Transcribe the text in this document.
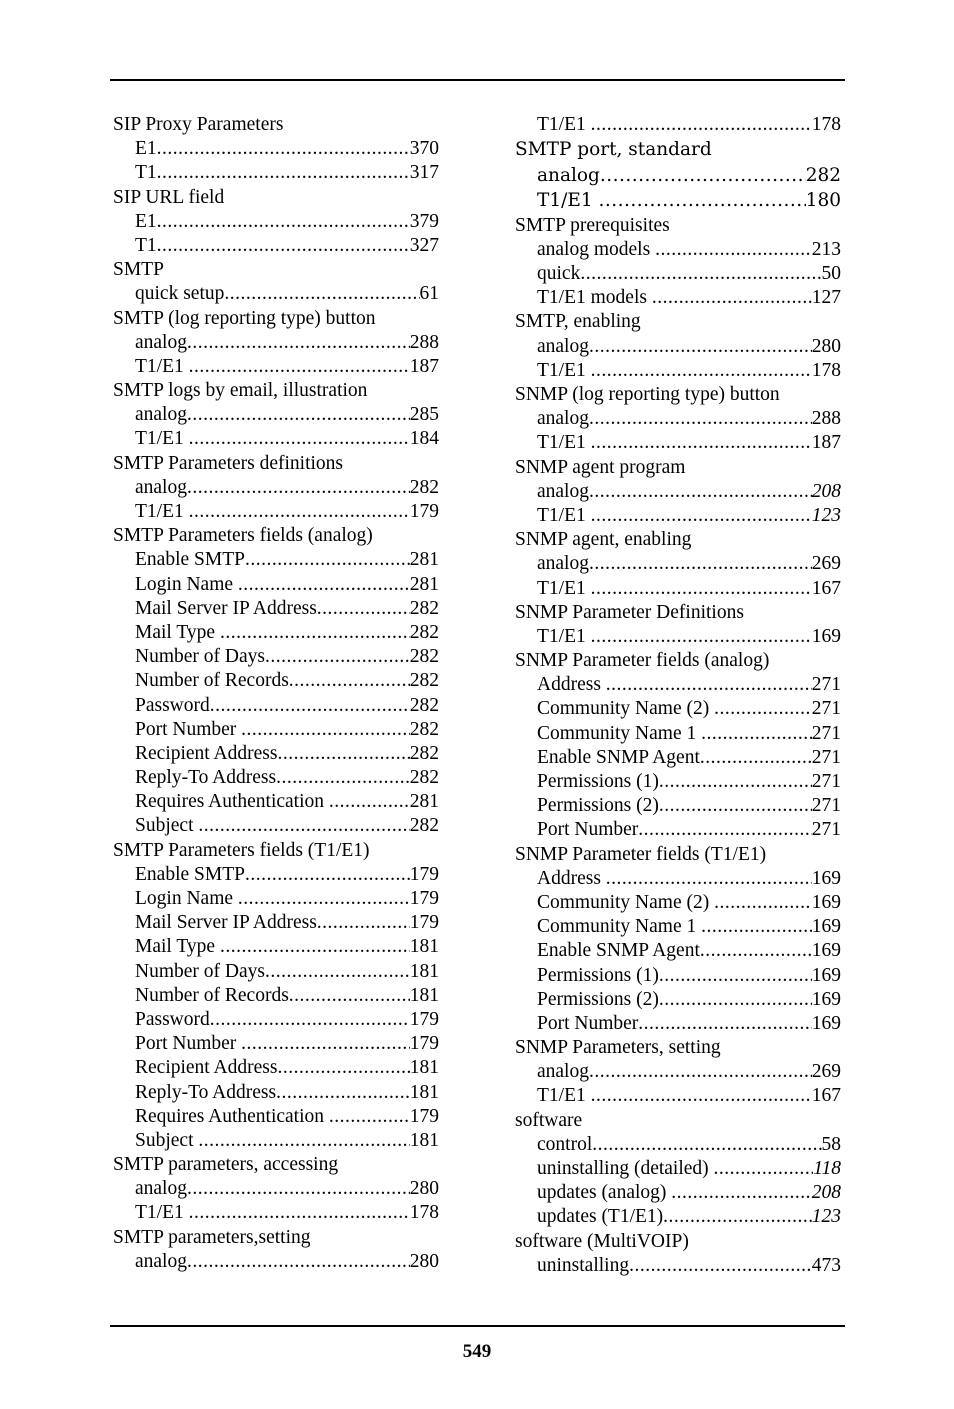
SIP Proxy Parameters
E1 .....	370
T1 .....	317
SIP URL field
E1 .....	379
T1 .....	327
SMTP
quick setup .....	61
SMTP (log reporting type) button
analog .....	288
T1/E1 .....	187
SMTP logs by email, illustration
analog .....	285
T1/E1 .....	184
SMTP Parameters definitions
analog .....	282
T1/E1 .....	179
SMTP Parameters fields (analog)
Enable SMTP .....	281
Login Name .....	281
Mail Server IP Address .....	282
Mail Type .....	282
Number of Days .....	282
Number of Records .....	282
Password .....	282
Port Number .....	282
Recipient Address .....	282
Reply-To Address .....	282
Requires Authentication .....	281
Subject .....	282
SMTP Parameters fields (T1/E1)
Enable SMTP .....	179
Login Name .....	179
Mail Server IP Address .....	179
Mail Type .....	181
Number of Days .....	181
Number of Records .....	181
Password .....	179
Port Number .....	179
Recipient Address .....	181
Reply-To Address .....	181
Requires Authentication .....	179
Subject .....	181
SMTP parameters, accessing
analog .....	280
T1/E1 .....	178
SMTP parameters,setting
analog .....	280
T1/E1 .....	178
SMTP port, standard
analog .....	282
T1/E1 .....	180
SMTP prerequisites
analog models .....	213
quick .....	50
T1/E1 models .....	127
SMTP, enabling
analog .....	280
T1/E1 .....	178
SNMP (log reporting type) button
analog .....	288
T1/E1 .....	187
SNMP agent program
analog .....	208
T1/E1 .....	123
SNMP agent, enabling
analog .....	269
T1/E1 .....	167
SNMP Parameter Definitions
T1/E1 .....	169
SNMP Parameter fields (analog)
Address .....	271
Community Name (2) .....	271
Community Name 1 .....	271
Enable SNMP Agent .....	271
Permissions (1) .....	271
Permissions (2) .....	271
Port Number .....	271
SNMP Parameter fields (T1/E1)
Address .....	169
Community Name (2) .....	169
Community Name 1 .....	169
Enable SNMP Agent .....	169
Permissions (1) .....	169
Permissions (2) .....	169
Port Number .....	169
SNMP Parameters, setting
analog .....	269
T1/E1 .....	167
software
control .....	58
uninstalling (detailed) .....	118
updates (analog) .....	208
updates (T1/E1) .....	123
software (MultiVOIP)
uninstalling .....	473
549
